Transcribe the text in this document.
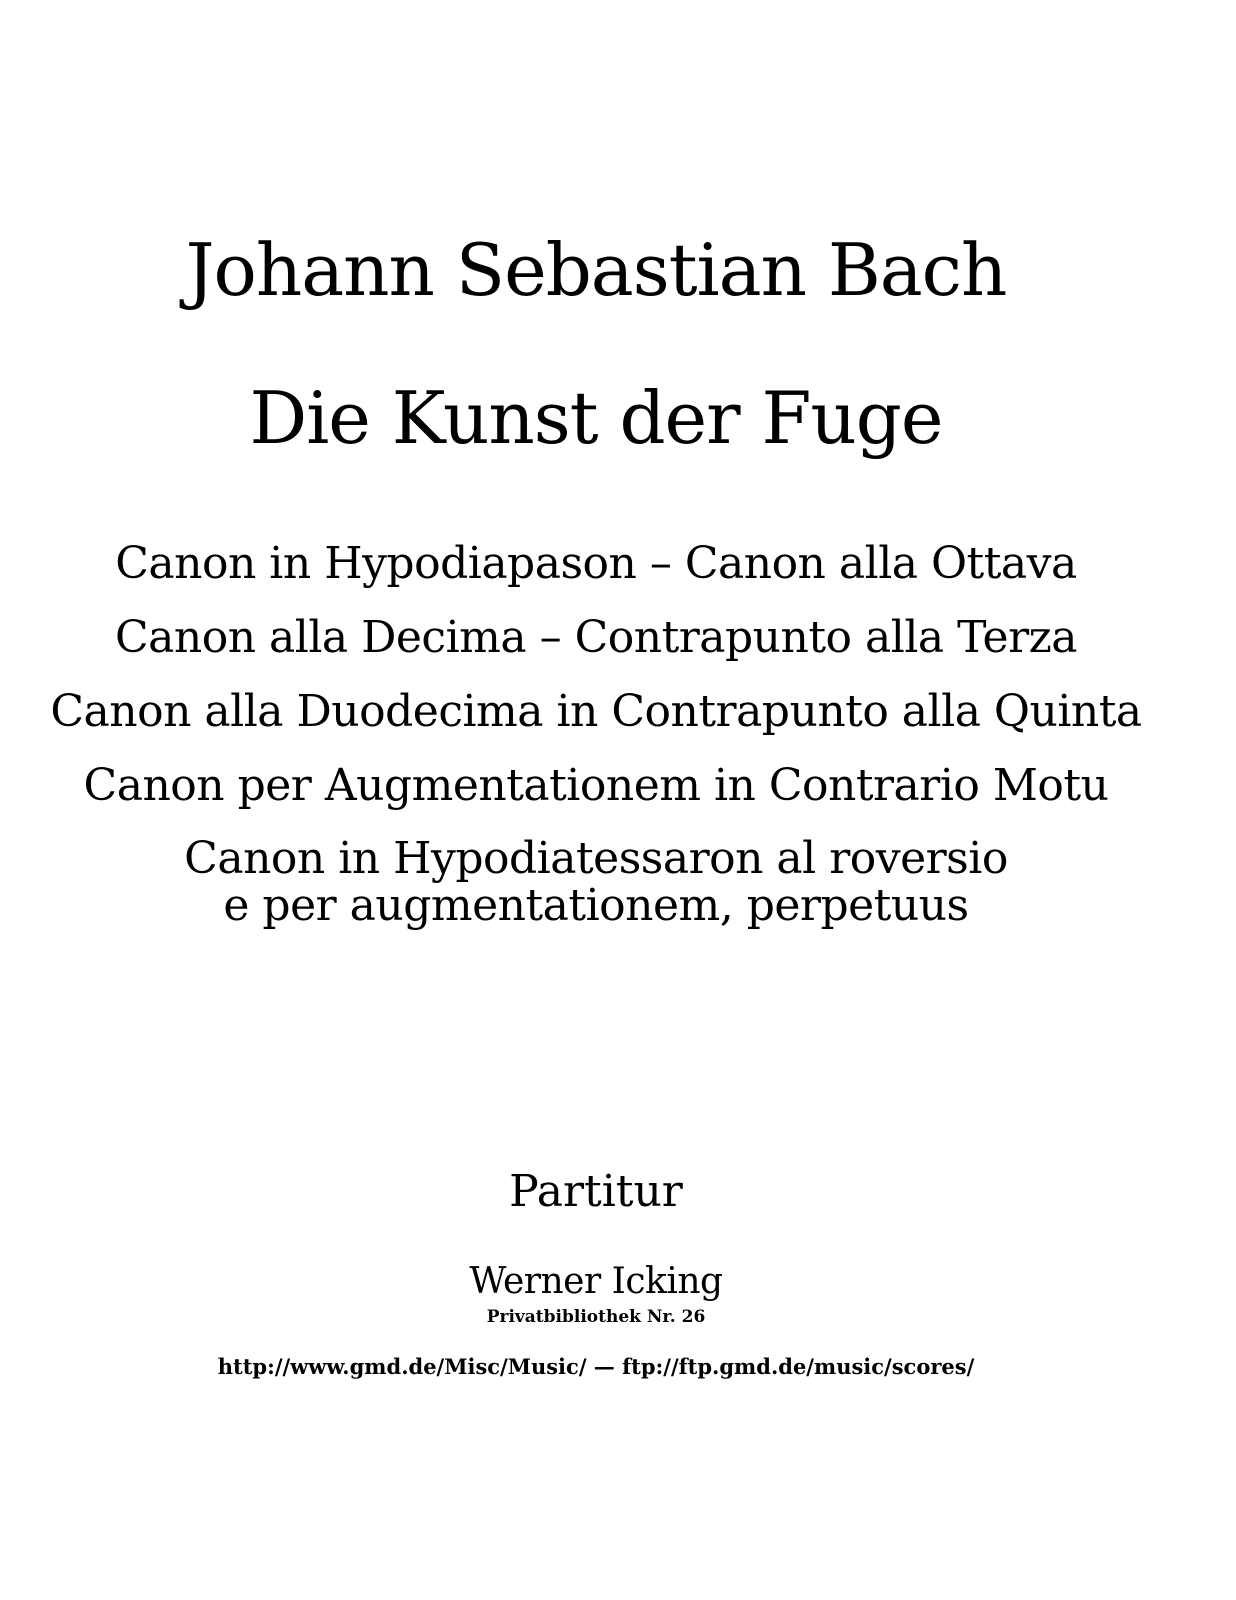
Johann Sebastian Bach
Die Kunst der Fuge
Canon in Hypodiapason – Canon alla Ottava
Canon alla Decima – Contrapunto alla Terza
Canon alla Duodecima in Contrapunto alla Quinta
Canon per Augmentationem in Contrario Motu
Canon in Hypodiatessaron al roversio
e per augmentationem, perpetuus
Partitur
Werner Icking
Privatbibliothek Nr. 26
http://www.gmd.de/Misc/Music/ — ftp://ftp.gmd.de/music/scores/
